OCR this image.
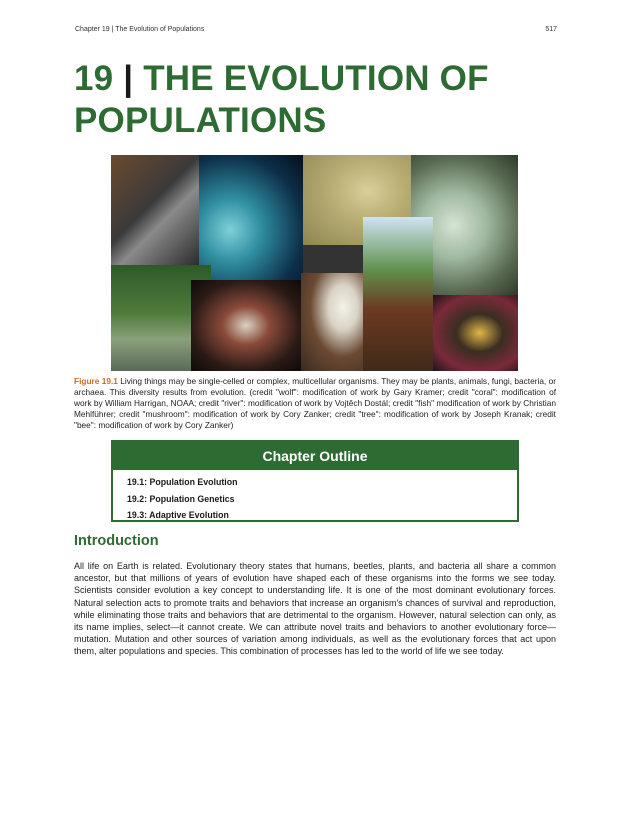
Chapter 19 | The Evolution of Populations	517
19 | THE EVOLUTION OF POPULATIONS
Figure 19.1 Living things may be single-celled or complex, multicellular organisms. They may be plants, animals, fungi, bacteria, or archaea. This diversity results from evolution. (credit "wolf": modification of work by Gary Kramer; credit "coral": modification of work by William Harrigan, NOAA; credit "river": modification of work by Vojtěch Dostál; credit "fish" modification of work by Christian Mehlführer; credit "mushroom": modification of work by Cory Zanker; credit "tree": modification of work by Joseph Kranak; credit "bee": modification of work by Cory Zanker)
Chapter Outline
19.1: Population Evolution
19.2: Population Genetics
19.3: Adaptive Evolution
Introduction

All life on Earth is related. Evolutionary theory states that humans, beetles, plants, and bacteria all share a common ancestor, but that millions of years of evolution have shaped each of these organisms into the forms we see today. Scientists consider evolution a key concept to understanding life. It is one of the most dominant evolutionary forces. Natural selection acts to promote traits and behaviors that increase an organism's chances of survival and reproduction, while eliminating those traits and behaviors that are detrimental to the organism. However, natural selection can only, as its name implies, select—it cannot create. We can attribute novel traits and behaviors to another evolutionary force—mutation. Mutation and other sources of variation among individuals, as well as the evolutionary forces that act upon them, alter populations and species. This combination of processes has led to the world of life we see today.
